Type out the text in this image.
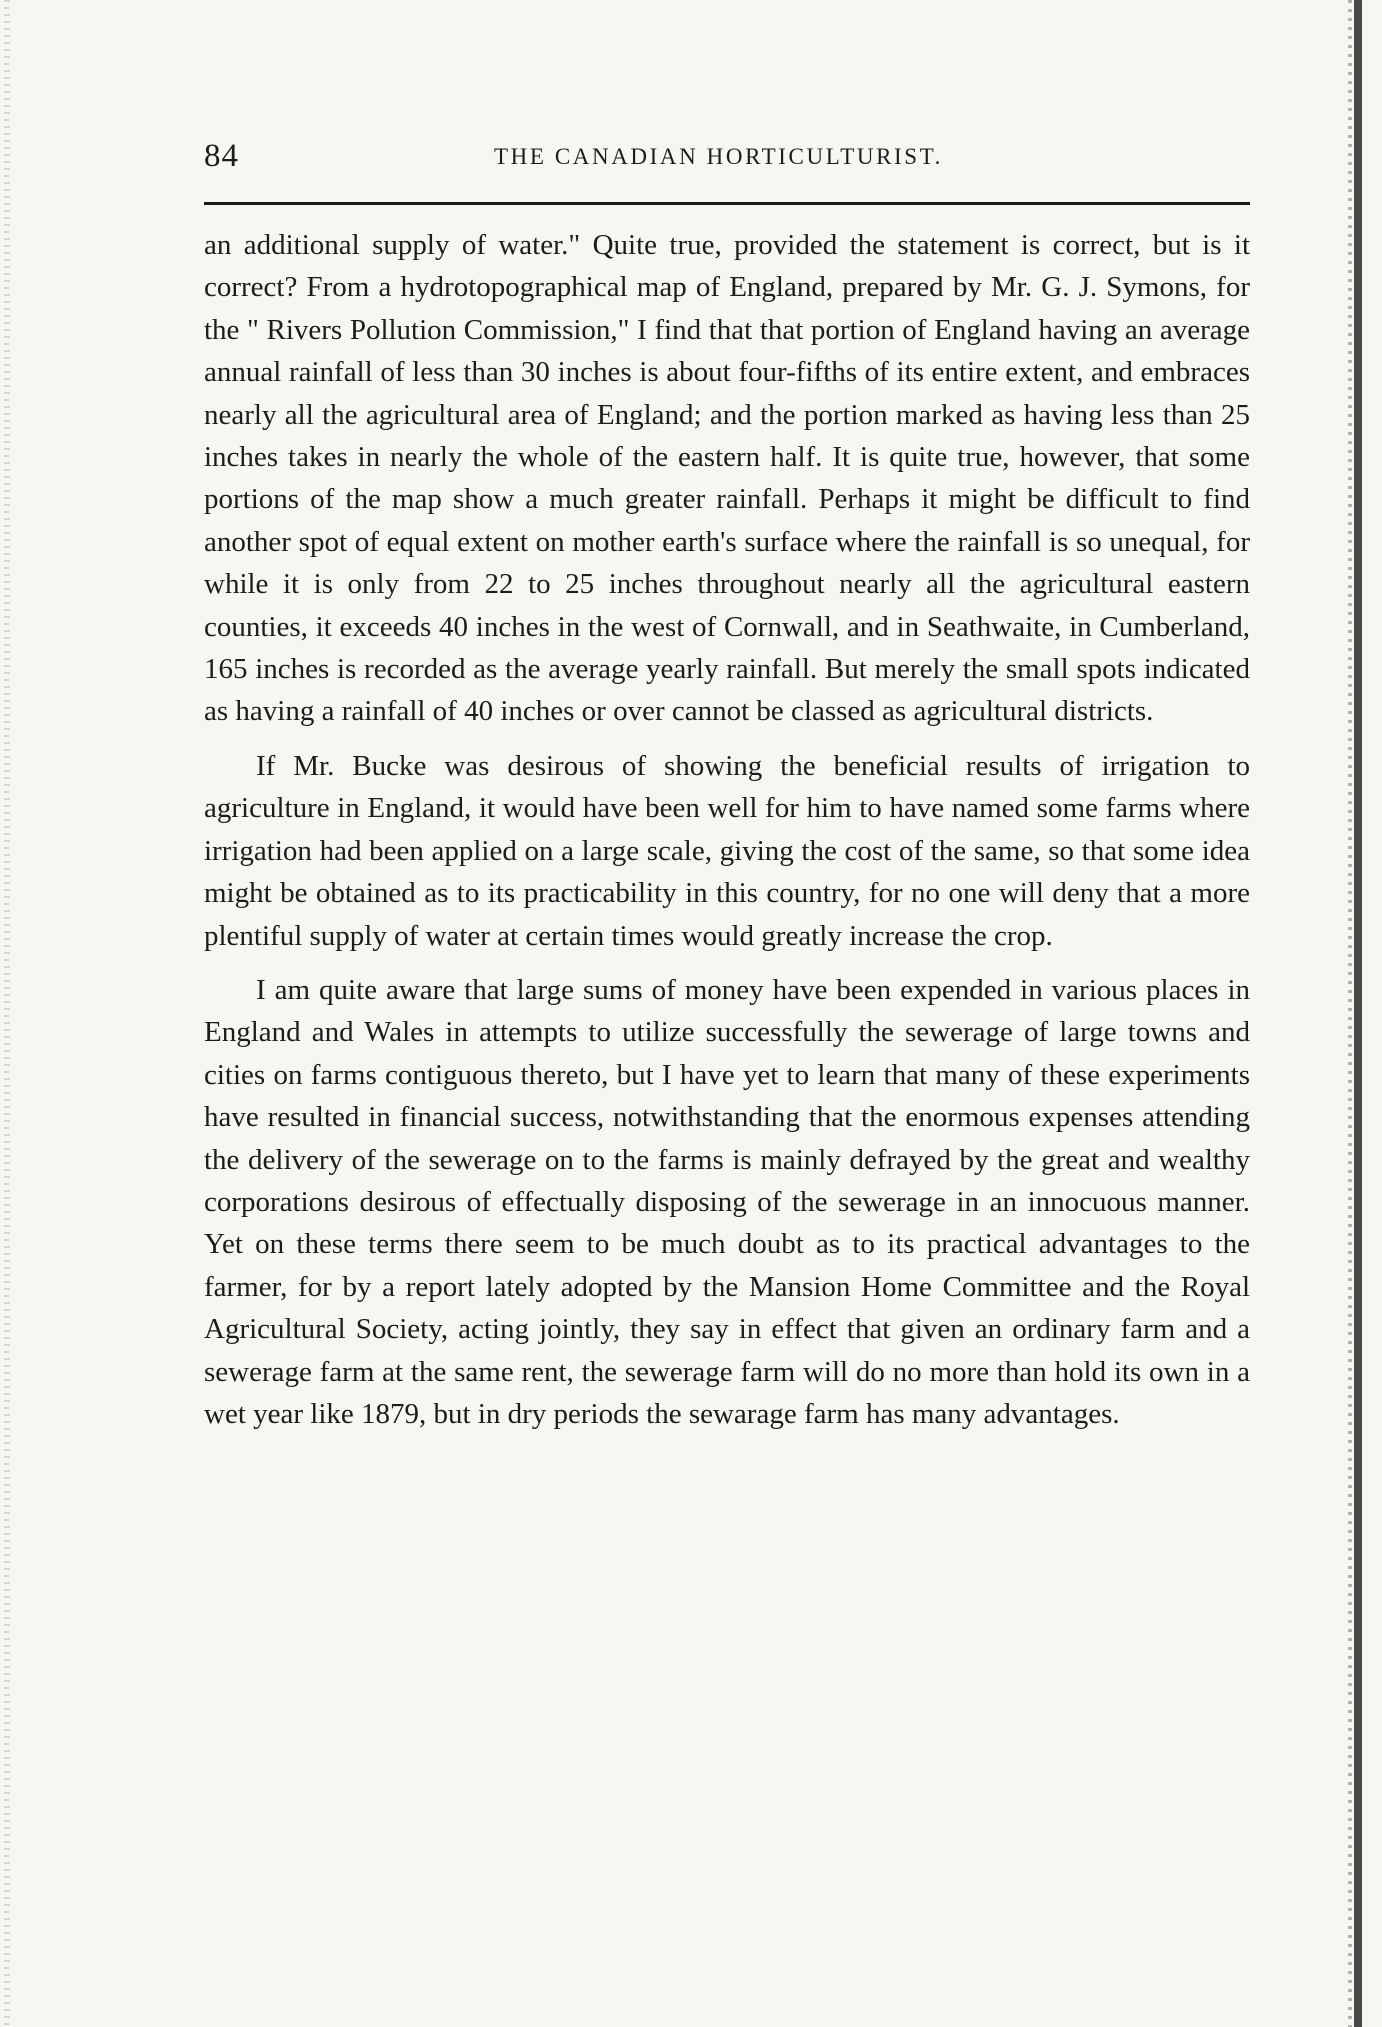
84	THE CANADIAN HORTICULTURIST.

an additional supply of water." Quite true, provided the statement is correct, but is it correct? From a hydrotopographical map of England, prepared by Mr. G. J. Symons, for the " Rivers Pollution Commission," I find that that portion of England having an average annual rainfall of less than 30 inches is about four-fifths of its entire extent, and embraces nearly all the agricultural area of England; and the portion marked as having less than 25 inches takes in nearly the whole of the eastern half. It is quite true, however, that some portions of the map show a much greater rainfall. Perhaps it might be difficult to find another spot of equal extent on mother earth's surface where the rainfall is so unequal, for while it is only from 22 to 25 inches throughout nearly all the agricultural eastern counties, it exceeds 40 inches in the west of Cornwall, and in Seathwaite, in Cumberland, 165 inches is recorded as the average yearly rainfall. But merely the small spots indicated as having a rainfall of 40 inches or over cannot be classed as agricultural districts.

If Mr. Bucke was desirous of showing the beneficial results of irrigation to agriculture in England, it would have been well for him to have named some farms where irrigation had been applied on a large scale, giving the cost of the same, so that some idea might be obtained as to its practicability in this country, for no one will deny that a more plentiful supply of water at certain times would greatly increase the crop.

I am quite aware that large sums of money have been expended in various places in England and Wales in attempts to utilize successfully the sewerage of large towns and cities on farms contiguous thereto, but I have yet to learn that many of these experiments have resulted in financial success, notwithstanding that the enormous expenses attending the delivery of the sewerage on to the farms is mainly defrayed by the great and wealthy corporations desirous of effectually disposing of the sewerage in an innocuous manner. Yet on these terms there seem to be much doubt as to its practical advantages to the farmer, for by a report lately adopted by the Mansion Home Committee and the Royal Agricultural Society, acting jointly, they say in effect that given an ordinary farm and a sewerage farm at the same rent, the sewerage farm will do no more than hold its own in a wet year like 1879, but in dry periods the sewarage farm has many advantages.
